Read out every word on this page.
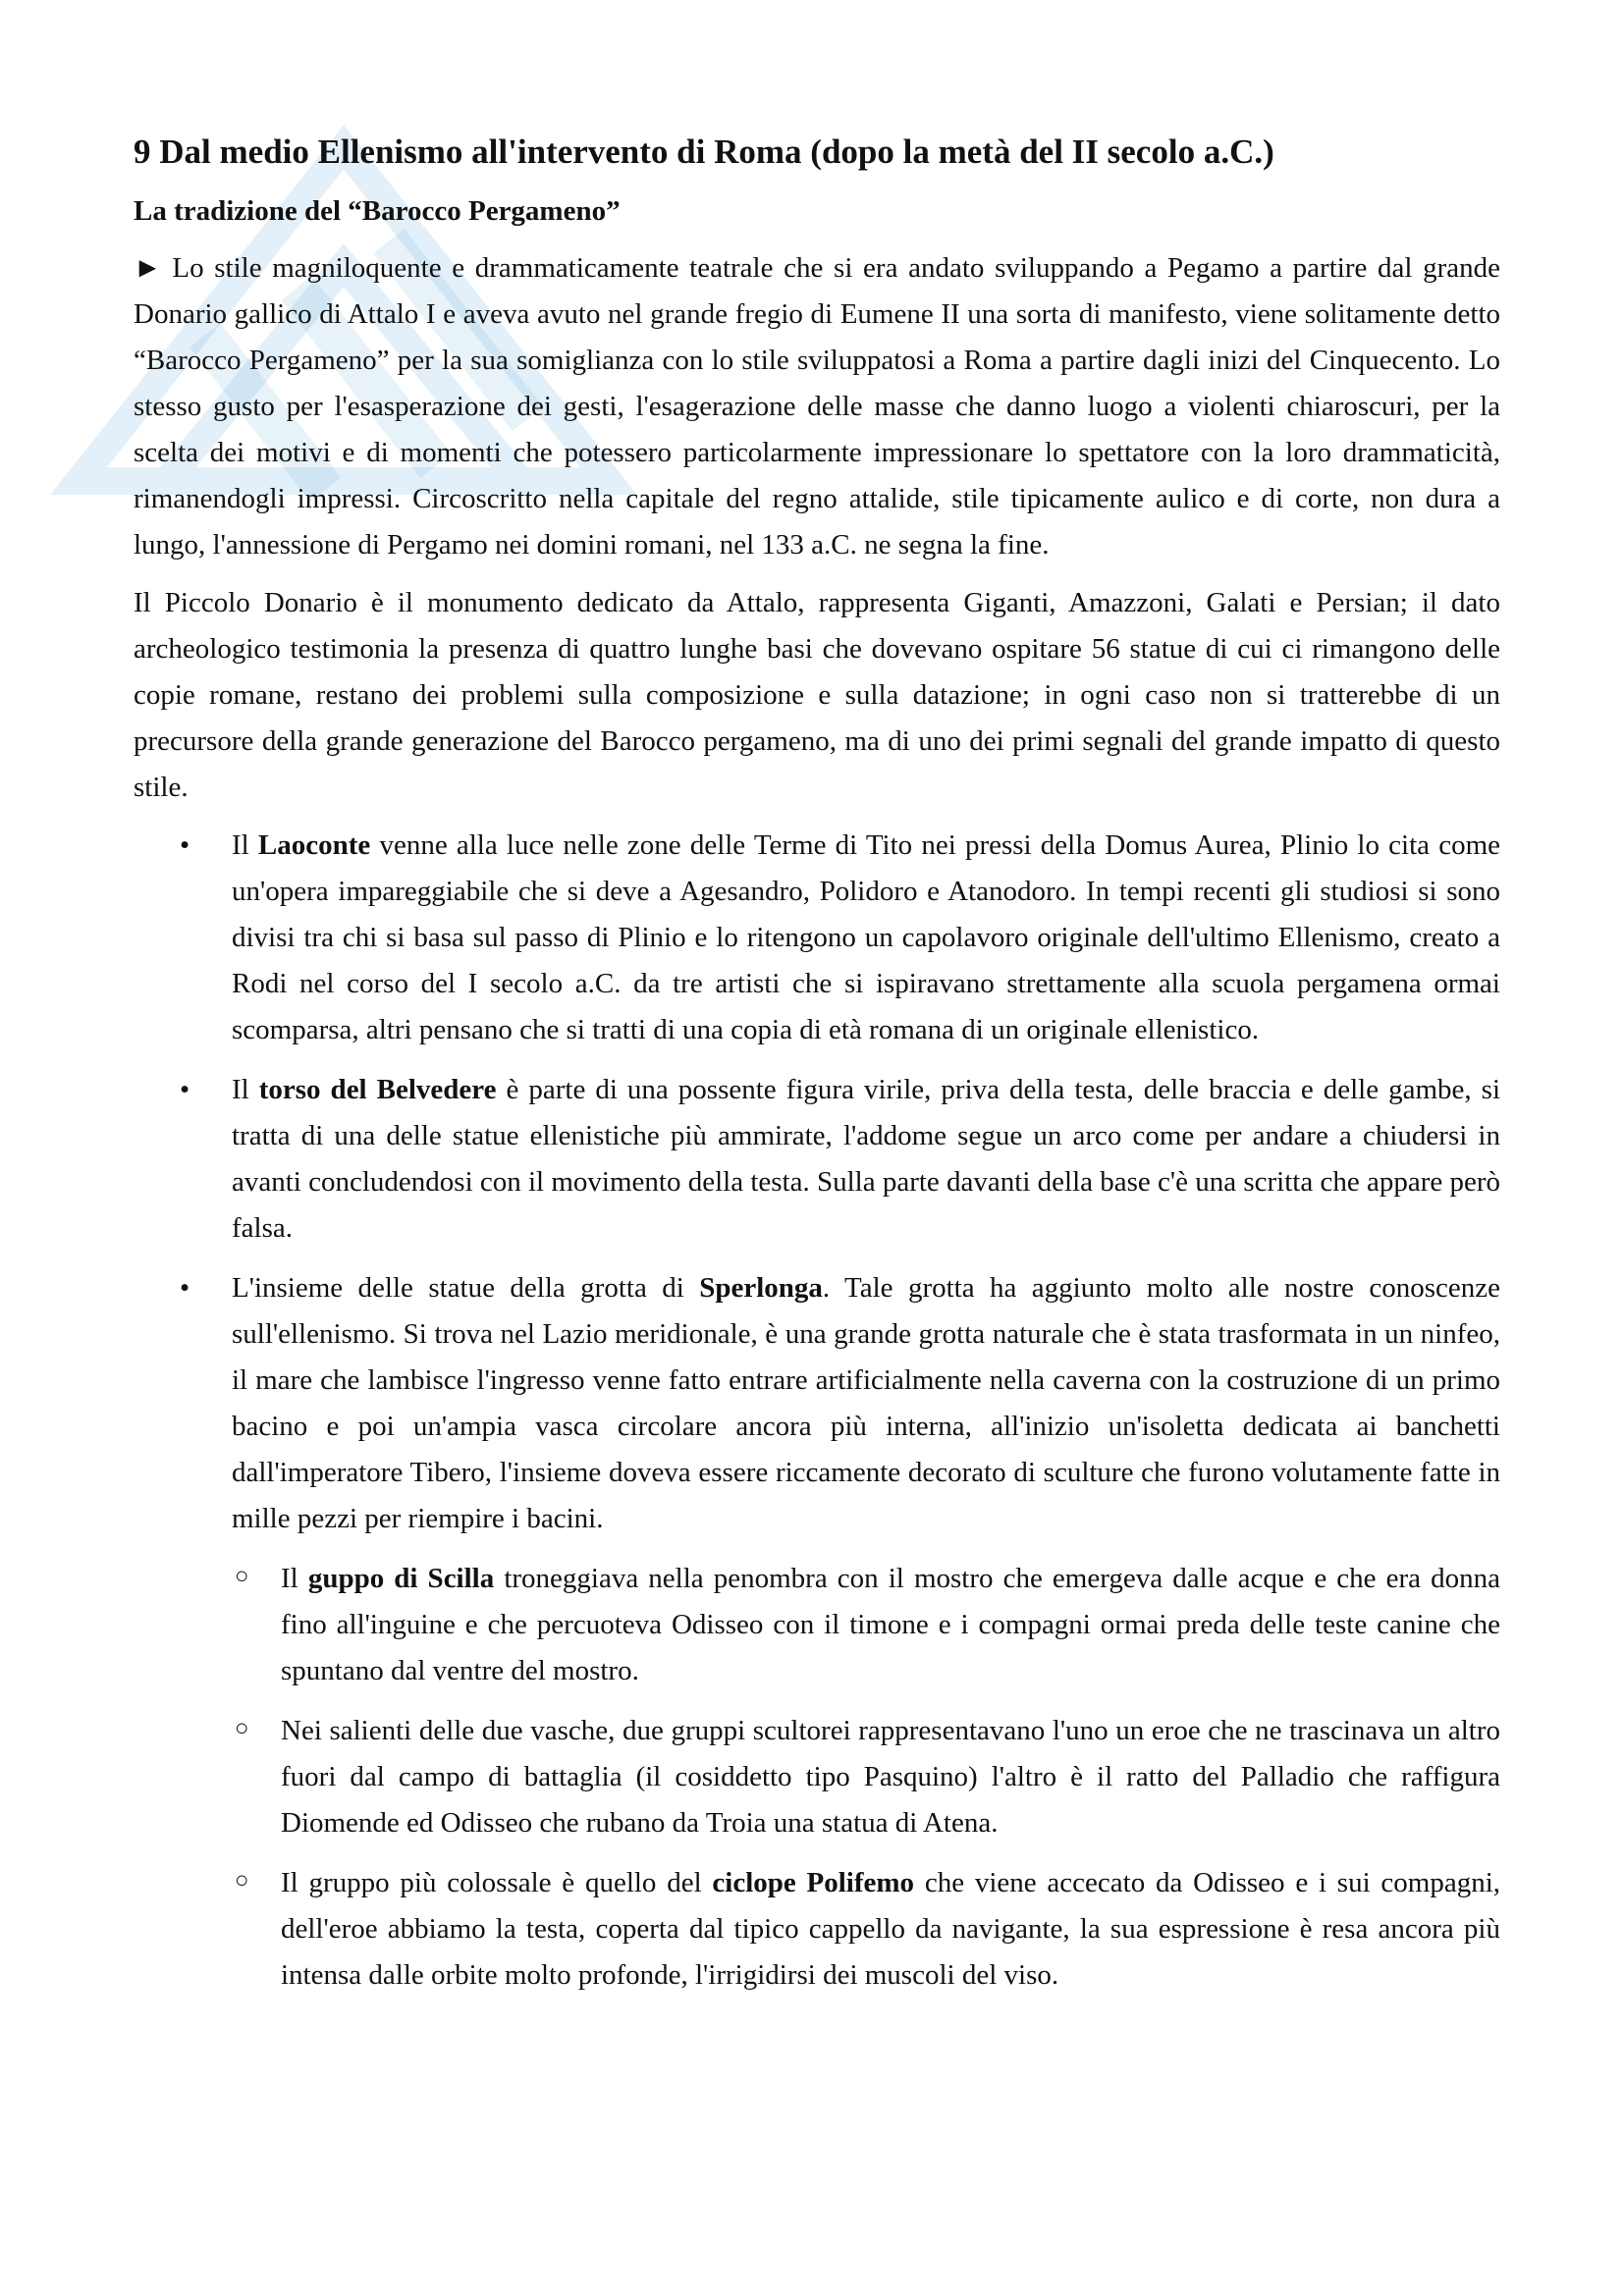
9 Dal medio Ellenismo all'intervento di Roma (dopo la metà del II secolo a.C.)
La tradizione del “Barocco Pergameno”

► Lo stile magniloquente e drammaticamente teatrale che si era andato sviluppando a Pegamo a partire dal grande Donario gallico di Attalo I e aveva avuto nel grande fregio di Eumene II una sorta di manifesto, viene solitamente detto “Barocco Pergameno” per la sua somiglianza con lo stile sviluppatosi a Roma a partire dagli inizi del Cinquecento. Lo stesso gusto per l'esasperazione dei gesti, l'esagerazione delle masse che danno luogo a violenti chiaroscuri, per la scelta dei motivi e di momenti che potessero particolarmente impressionare lo spettatore con la loro drammaticità, rimanendogli impressi. Circoscritto nella capitale del regno attalide, stile tipicamente aulico e di corte, non dura a lungo, l'annessione di Pergamo nei domini romani, nel 133 a.C. ne segna la fine.

Il Piccolo Donario è il monumento dedicato da Attalo, rappresenta Giganti, Amazzoni, Galati e Persian; il dato archeologico testimonia la presenza di quattro lunghe basi che dovevano ospitare 56 statue di cui ci rimangono delle copie romane, restano dei problemi sulla composizione e sulla datazione; in ogni caso non si tratterebbe di un precursore della grande generazione del Barocco pergameno, ma di uno dei primi segnali del grande impatto di questo stile.

• Il Laoconte venne alla luce nelle zone delle Terme di Tito nei pressi della Domus Aurea, Plinio lo cita come un'opera impareggiabile che si deve a Agesandro, Polidoro e Atanodoro. In tempi recenti gli studiosi si sono divisi tra chi si basa sul passo di Plinio e lo ritengono un capolavoro originale dell'ultimo Ellenismo, creato a Rodi nel corso del I secolo a.C. da tre artisti che si ispiravano strettamente alla scuola pergamena ormai scomparsa, altri pensano che si tratti di una copia di età romana di un originale ellenistico.

• Il torso del Belvedere è parte di una possente figura virile, priva della testa, delle braccia e delle gambe, si tratta di una delle statue ellenistiche più ammirate, l'addome segue un arco come per andare a chiudersi in avanti concludendosi con il movimento della testa. Sulla parte davanti della base c'è una scritta che appare però falsa.

• L'insieme delle statue della grotta di Sperlonga. Tale grotta ha aggiunto molto alle nostre conoscenze sull'ellenismo. Si trova nel Lazio meridionale, è una grande grotta naturale che è stata trasformata in un ninfeo, il mare che lambisce l'ingresso venne fatto entrare artificialmente nella caverna con la costruzione di un primo bacino e poi un'ampia vasca circolare ancora più interna, all'inizio un'isoletta dedicata ai banchetti dall'imperatore Tibero, l'insieme doveva essere riccamente decorato di sculture che furono volutamente fatte in mille pezzi per riempire i bacini.

○ Il guppo di Scilla troneggiava nella penombra con il mostro che emergeva dalle acque e che era donna fino all'inguine e che percuoteva Odisseo con il timone e i compagni ormai preda delle teste canine che spuntano dal ventre del mostro.

○ Nei salienti delle due vasche, due gruppi scultorei rappresentavano l'uno un eroe che ne trascinava un altro fuori dal campo di battaglia (il cosiddetto tipo Pasquino) l'altro è il ratto del Palladio che raffigura Diomende ed Odisseo che rubano da Troia una statua di Atena.

○ Il gruppo più colossale è quello del ciclope Polifemo che viene accecato da Odisseo e i sui compagni, dell'eroe abbiamo la testa, coperta dal tipico cappello da navigante, la sua espressione è resa ancora più intensa dalle orbite molto profonde, l'irrigidirsi dei muscoli del viso.
